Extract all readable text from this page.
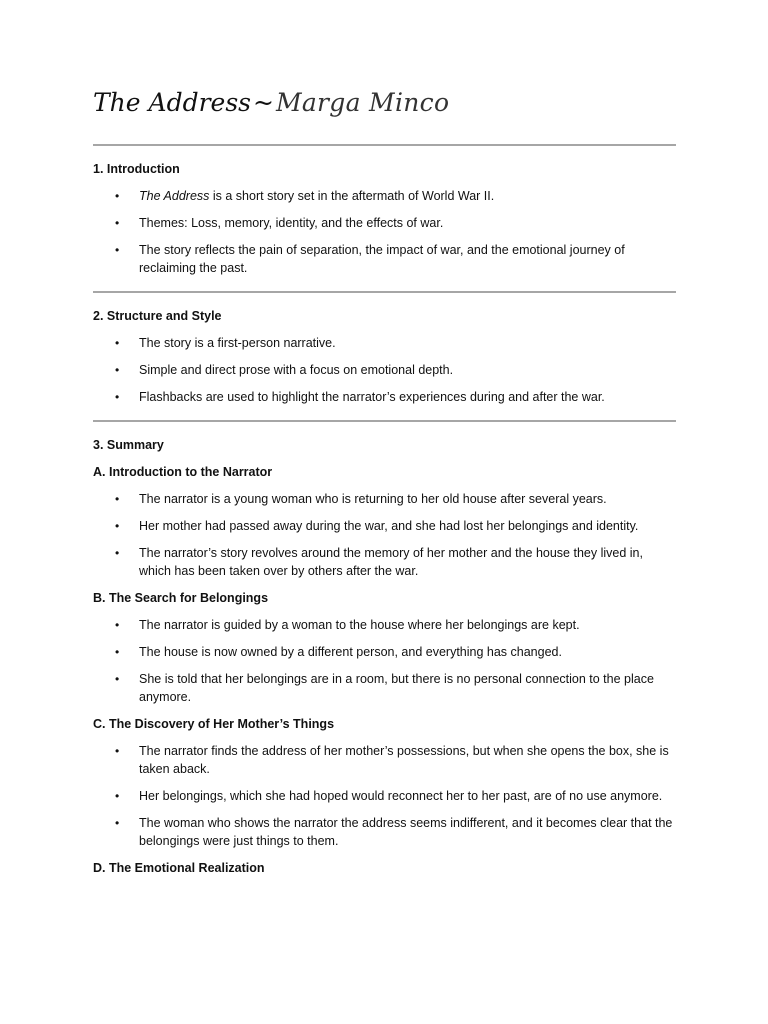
The Address~Marga Minco
1. Introduction
• The Address is a short story set in the aftermath of World War II.
• Themes: Loss, memory, identity, and the effects of war.
• The story reflects the pain of separation, the impact of war, and the emotional journey of reclaiming the past.
2. Structure and Style
• The story is a first-person narrative.
• Simple and direct prose with a focus on emotional depth.
• Flashbacks are used to highlight the narrator’s experiences during and after the war.
3. Summary
A. Introduction to the Narrator
• The narrator is a young woman who is returning to her old house after several years.
• Her mother had passed away during the war, and she had lost her belongings and identity.
• The narrator’s story revolves around the memory of her mother and the house they lived in, which has been taken over by others after the war.
B. The Search for Belongings
• The narrator is guided by a woman to the house where her belongings are kept.
• The house is now owned by a different person, and everything has changed.
• She is told that her belongings are in a room, but there is no personal connection to the place anymore.
C. The Discovery of Her Mother’s Things
• The narrator finds the address of her mother’s possessions, but when she opens the box, she is taken aback.
• Her belongings, which she had hoped would reconnect her to her past, are of no use anymore.
• The woman who shows the narrator the address seems indifferent, and it becomes clear that the belongings were just things to them.
D. The Emotional Realization
